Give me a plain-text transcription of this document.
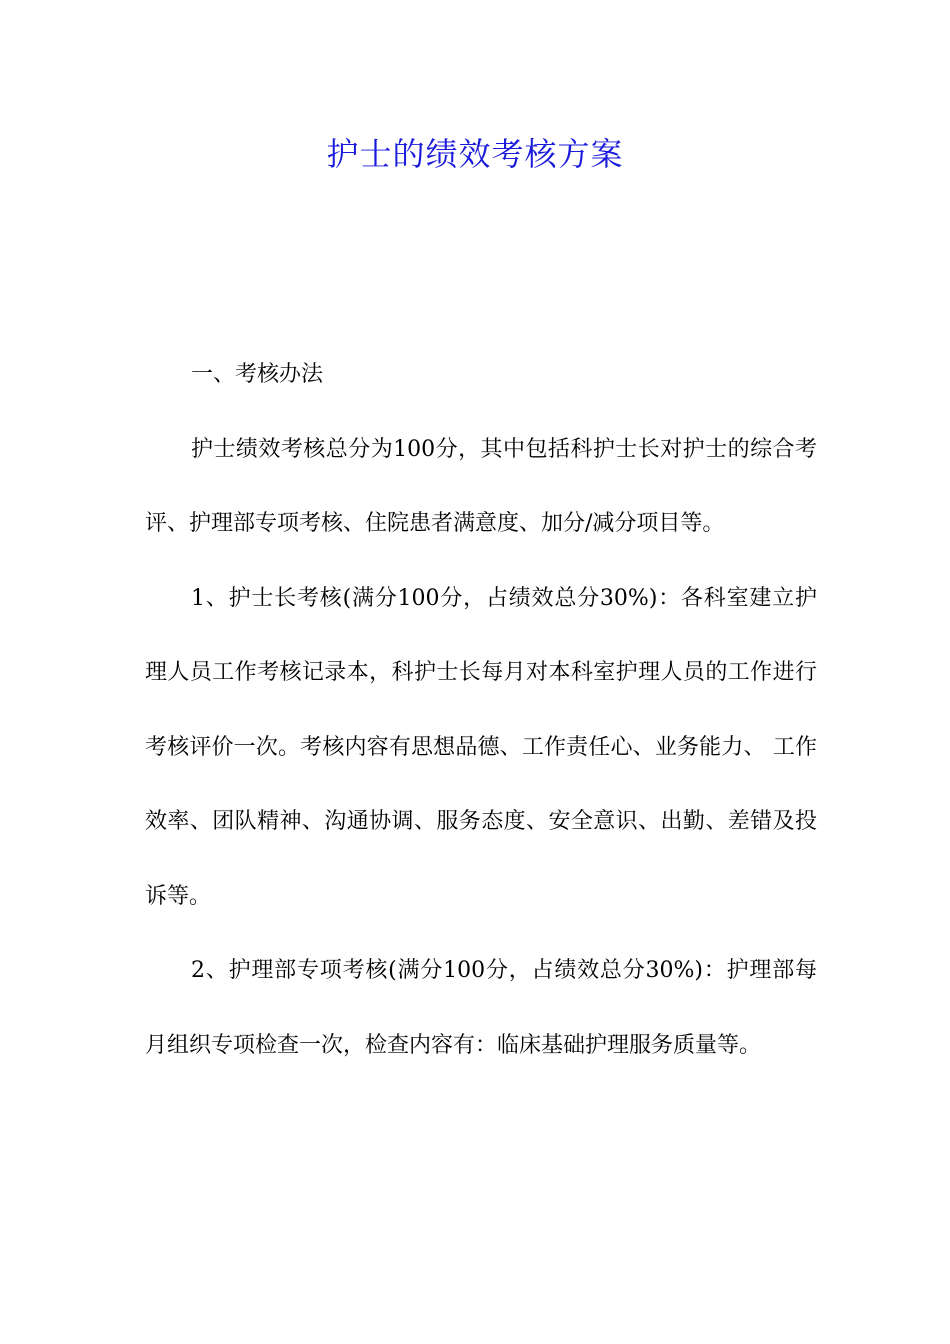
护士的绩效考核方案

一、考核办法

护士绩效考核总分为100分，其中包括科护士长对护士的综合考评、护理部专项考核、住院患者满意度、加分/减分项目等。

1、护士长考核(满分100分，占绩效总分30%)：各科室建立护理人员工作考核记录本，科护士长每月对本科室护理人员的工作进行考核评价一次。考核内容有思想品德、工作责任心、业务能力、 工作效率、团队精神、沟通协调、服务态度、安全意识、出勤、差错及投诉等。

2、护理部专项考核(满分100分，占绩效总分30%)：护理部每月组织专项检查一次，检查内容有：临床基础护理服务质量等。
